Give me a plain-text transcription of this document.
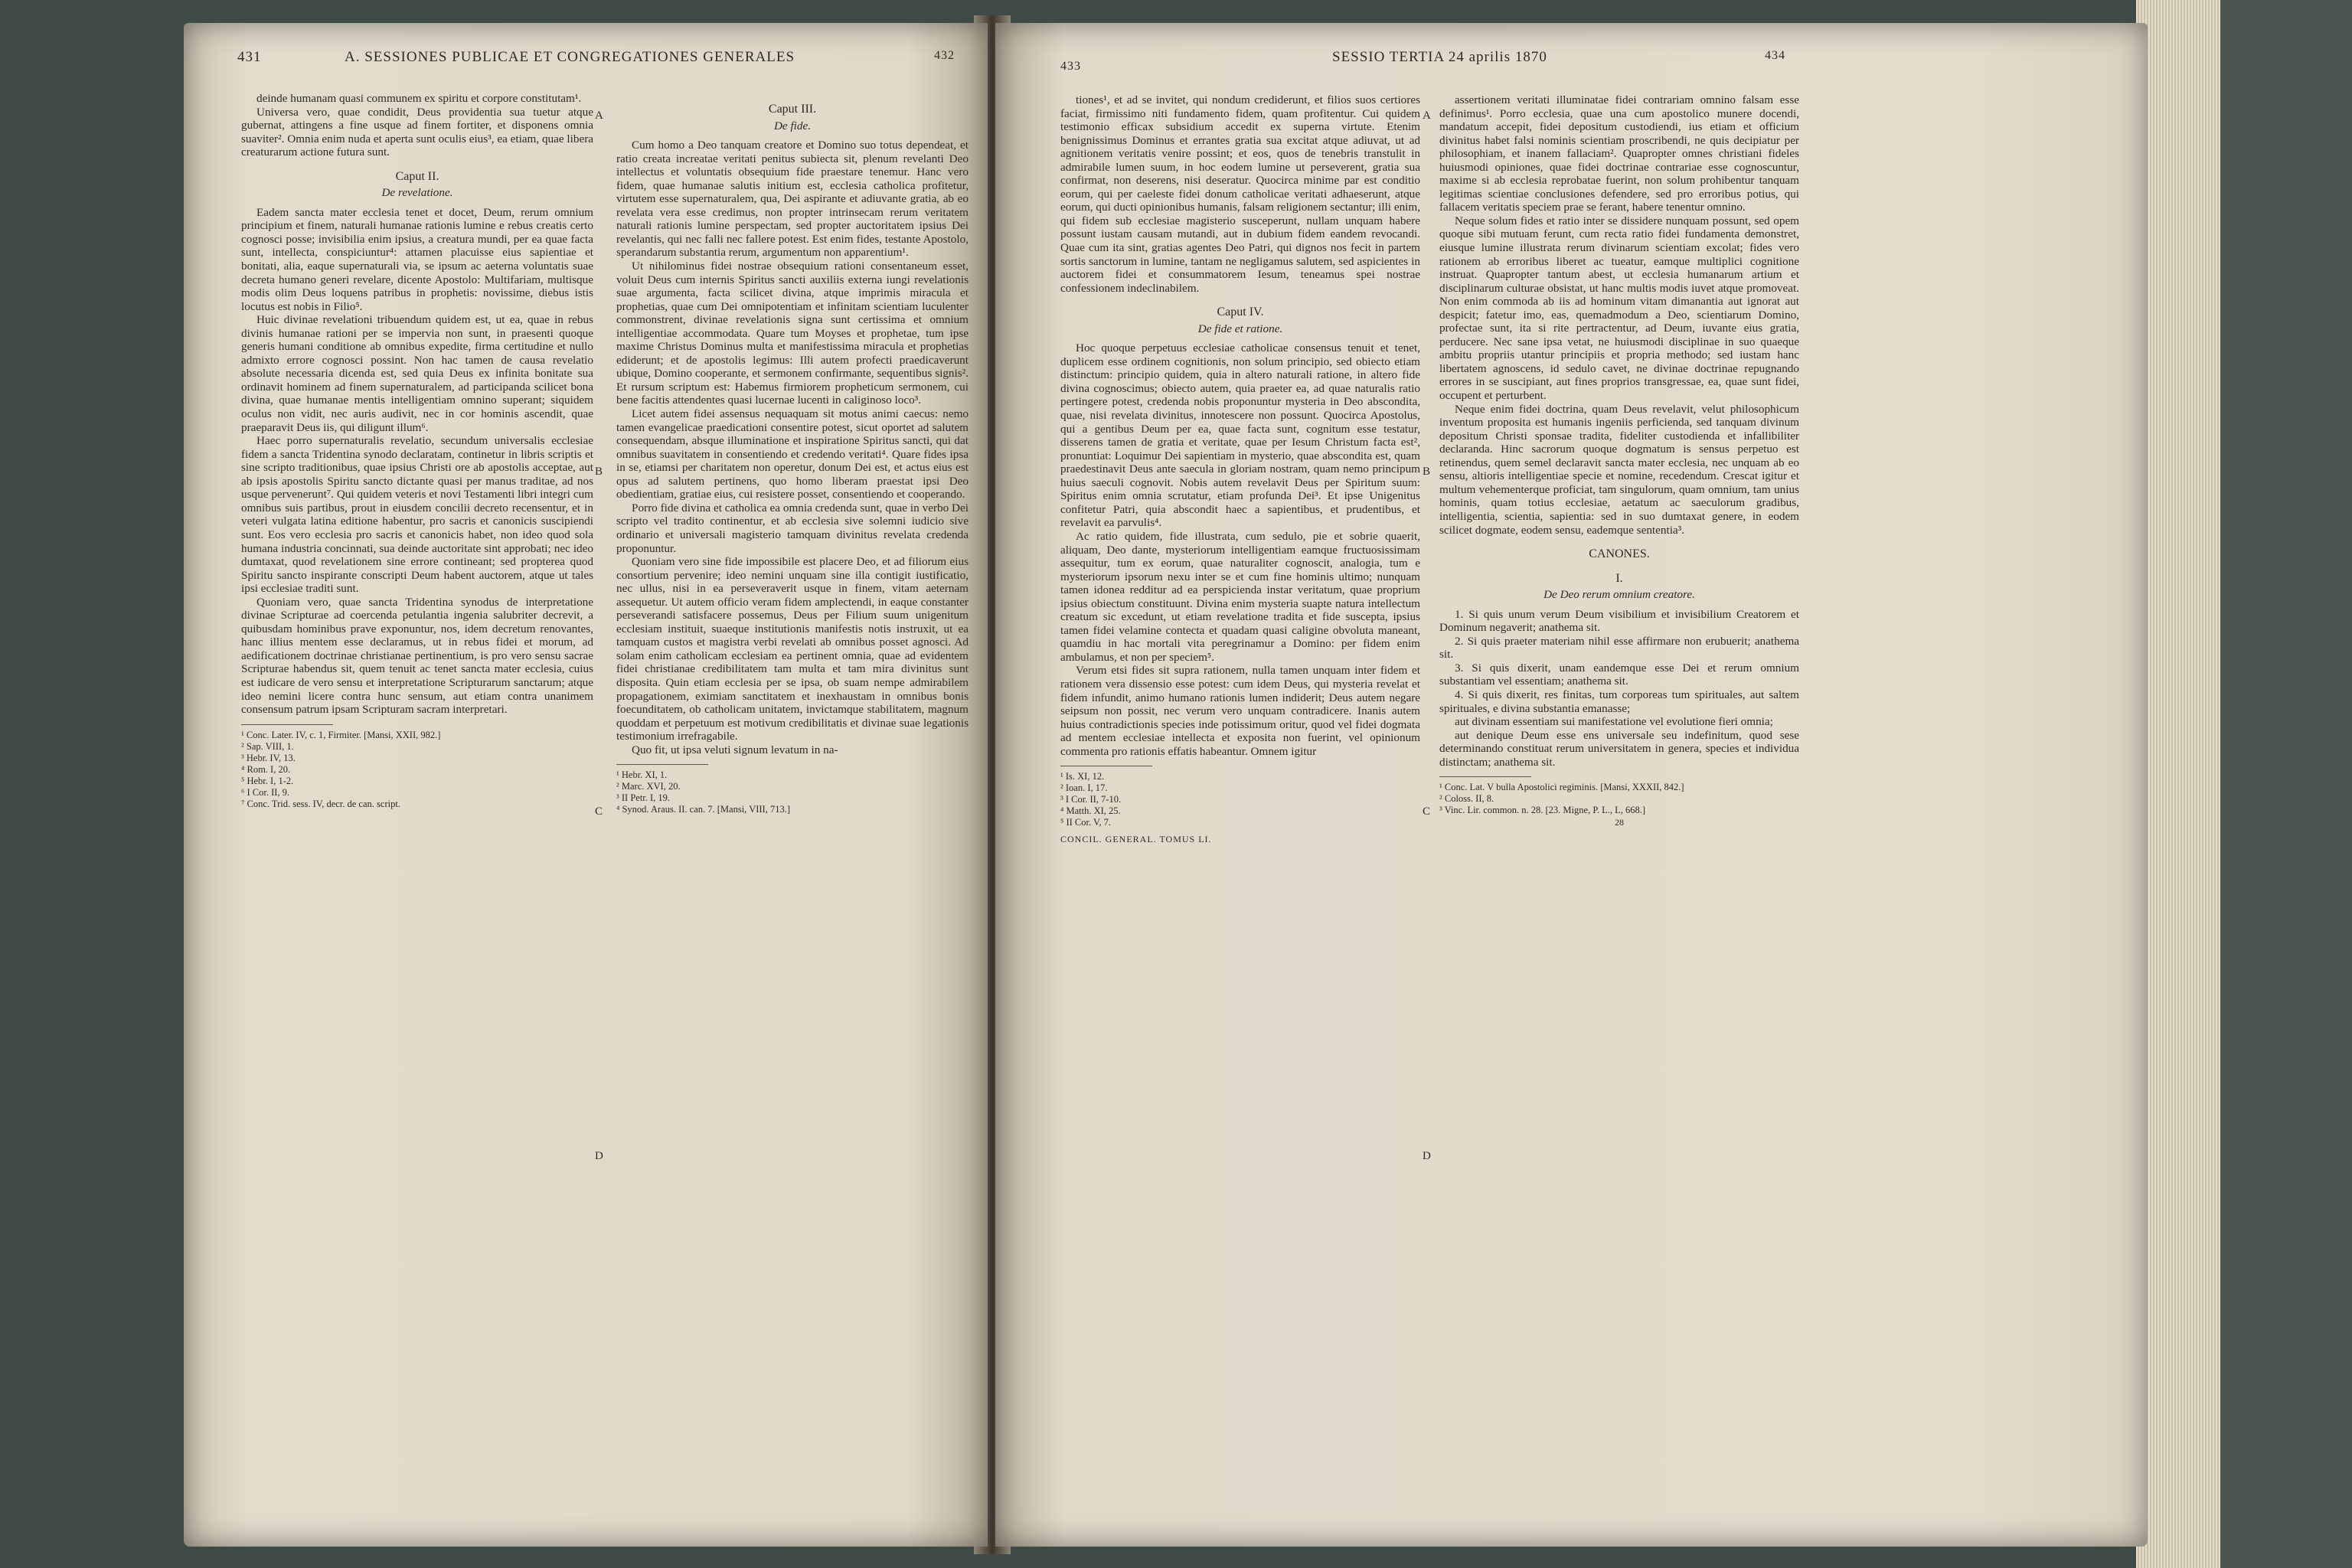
431	A. SESSIONES PUBLICAE ET CONGREGATIONES GENERALES	432

deinde humanam quasi communem ex spiritu et corpore constitutam¹.

Universa vero, quae condidit, Deus providentia sua tuetur atque gubernat, attingens a fine usque ad finem fortiter, et disponens omnia suaviter². Omnia enim nuda et aperta sunt oculis eius³, ea etiam, quae libera creaturarum actione futura sunt.

Caput II.

De revelatione.

Eadem sancta mater ecclesia tenet et docet, Deum, rerum omnium principium et finem, naturali humanae rationis lumine e rebus creatis certo cognosci posse; invisibilia enim ipsius, a creatura mundi, per ea quae facta sunt, intellecta, conspiciuntur⁴: attamen placuisse eius sapientiae et bonitati, alia, eaque supernaturali via, se ipsum ac aeterna voluntatis suae decreta humano generi revelare, dicente Apostolo: Multifariam, multisque modis olim Deus loquens patribus in prophetis: novissime, diebus istis locutus est nobis in Filio⁵.

Huic divinae revelationi tribuendum quidem est, ut ea, quae in rebus divinis humanae rationi per se impervia non sunt, in praesenti quoque generis humani conditione ab omnibus expedite, firma certitudine et nullo admixto errore cognosci possint. Non hac tamen de causa revelatio absolute necessaria dicenda est, sed quia Deus ex infinita bonitate sua ordinavit hominem ad finem supernaturalem, ad participanda scilicet bona divina, quae humanae mentis intelligentiam omnino superant; siquidem oculus non vidit, nec auris audivit, nec in cor hominis ascendit, quae praeparavit Deus iis, qui diligunt illum⁶.

Haec porro supernaturalis revelatio, secundum universalis ecclesiae fidem a sancta Tridentina synodo declaratam, continetur in libris scriptis et sine scripto traditionibus, quae ipsius Christi ore ab apostolis acceptae, aut ab ipsis apostolis Spiritu sancto dictante quasi per manus traditae, ad nos usque pervenerunt⁷. Qui quidem veteris et novi Testamenti libri integri cum omnibus suis partibus, prout in eiusdem concilii decreto recensentur, et in veteri vulgata latina editione habentur, pro sacris et canonicis suscipiendi sunt. Eos vero ecclesia pro sacris et canonicis habet, non ideo quod sola humana industria concinnati, sua deinde auctoritate sint approbati; nec ideo dumtaxat, quod revelationem sine errore contineant; sed propterea quod Spiritu sancto inspirante conscripti Deum habent auctorem, atque ut tales ipsi ecclesiae traditi sunt.

Quoniam vero, quae sancta Tridentina synodus de interpretatione divinae Scripturae ad coercenda petulantia ingenia salubriter decrevit, a quibusdam hominibus prave exponuntur, nos, idem decretum renovantes, hanc illius mentem esse declaramus, ut in rebus fidei et morum, ad aedificationem doctrinae christianae pertinentium, is pro vero sensu sacrae Scripturae habendus sit, quem tenuit ac tenet sancta mater ecclesia, cuius est iudicare de vero sensu et interpretatione Scripturarum sanctarum; atque ideo nemini licere contra hunc sensum, aut etiam contra unanimem consensum patrum ipsam Scripturam sacram interpretari.

¹ Conc. Later. IV, c. 1, Firmiter. [Mansi, XXII, 982.]

² Sap. VIII, 1.

³ Hebr. IV, 13.

⁴ Rom. I, 20.

⁵ Hebr. I, 1-2.

⁶ I Cor. II, 9.

⁷ Conc. Trid. sess. IV, decr. de can. script.

Caput III.

De fide.

Cum homo a Deo tanquam creatore et Domino suo totus dependeat, et ratio creata increatae veritati penitus subiecta sit, plenum revelanti Deo intellectus et voluntatis obsequium fide praestare tenemur. Hanc vero fidem, quae humanae salutis initium est, ecclesia catholica profitetur, virtutem esse supernaturalem, qua, Dei aspirante et adiuvante gratia, ab eo revelata vera esse credimus, non propter intrinsecam rerum veritatem naturali rationis lumine perspectam, sed propter auctoritatem ipsius Dei revelantis, qui nec falli nec fallere potest. Est enim fides, testante Apostolo, sperandarum substantia rerum, argumentum non apparentium¹.

Ut nihilominus fidei nostrae obsequium rationi consentaneum esset, voluit Deus cum internis Spiritus sancti auxiliis externa iungi revelationis suae argumenta, facta scilicet divina, atque imprimis miracula et prophetias, quae cum Dei omnipotentiam et infinitam scientiam luculenter commonstrent, divinae revelationis signa sunt certissima et omnium intelligentiae accommodata. Quare tum Moyses et prophetae, tum ipse maxime Christus Dominus multa et manifestissima miracula et prophetias ediderunt; et de apostolis legimus: Illi autem profecti praedicaverunt ubique, Domino cooperante, et sermonem confirmante, sequentibus signis². Et rursum scriptum est: Habemus firmiorem propheticum sermonem, cui bene facitis attendentes quasi lucernae lucenti in caliginoso loco³.

Licet autem fidei assensus nequaquam sit motus animi caecus: nemo tamen evangelicae praedicationi consentire potest, sicut oportet ad salutem consequendam, absque illuminatione et inspiratione Spiritus sancti, qui dat omnibus suavitatem in consentiendo et credendo veritati⁴. Quare fides ipsa in se, etiamsi per charitatem non operetur, donum Dei est, et actus eius est opus ad salutem pertinens, quo homo liberam praestat ipsi Deo obedientiam, gratiae eius, cui resistere posset, consentiendo et cooperando.

Porro fide divina et catholica ea omnia credenda sunt, quae in verbo Dei scripto vel tradito continentur, et ab ecclesia sive solemni iudicio sive ordinario et universali magisterio tamquam divinitus revelata credenda proponuntur.

Quoniam vero sine fide impossibile est placere Deo, et ad filiorum eius consortium pervenire; ideo nemini unquam sine illa contigit iustificatio, nec ullus, nisi in ea perseveraverit usque in finem, vitam aeternam assequetur. Ut autem officio veram fidem amplectendi, in eaque constanter perseverandi satisfacere possemus, Deus per Filium suum unigenitum ecclesiam instituit, suaeque institutionis manifestis notis instruxit, ut ea tamquam custos et magistra verbi revelati ab omnibus posset agnosci. Ad solam enim catholicam ecclesiam ea pertinent omnia, quae ad evidentem fidei christianae credibilitatem tam multa et tam mira divinitus sunt disposita. Quin etiam ecclesia per se ipsa, ob suam nempe admirabilem propagationem, eximiam sanctitatem et inexhaustam in omnibus bonis foecunditatem, ob catholicam unitatem, invictamque stabilitatem, magnum quoddam et perpetuum est motivum credibilitatis et divinae suae legationis testimonium irrefragabile.

Quo fit, ut ipsa veluti signum levatum in na-

¹ Hebr. XI, 1.

² Marc. XVI, 20.

³ II Petr. I, 19.

⁴ Synod. Araus. II. can. 7. [Mansi, VIII, 713.]

A
B
C
D
433
SESSIO TERTIA 24 aprilis 1870	434

tiones¹, et ad se invitet, qui nondum crediderunt, et filios suos certiores faciat, firmissimo niti fundamento fidem, quam profitentur. Cui quidem testimonio efficax subsidium accedit ex superna virtute. Etenim benignissimus Dominus et errantes gratia sua excitat atque adiuvat, ut ad agnitionem veritatis venire possint; et eos, quos de tenebris transtulit in admirabile lumen suum, in hoc eodem lumine ut perseverent, gratia sua confirmat, non deserens, nisi deseratur. Quocirca minime par est conditio eorum, qui per caeleste fidei donum catholicae veritati adhaeserunt, atque eorum, qui ducti opinionibus humanis, falsam religionem sectantur; illi enim, qui fidem sub ecclesiae magisterio susceperunt, nullam unquam habere possunt iustam causam mutandi, aut in dubium fidem eandem revocandi. Quae cum ita sint, gratias agentes Deo Patri, qui dignos nos fecit in partem sortis sanctorum in lumine, tantam ne negligamus salutem, sed aspicientes in auctorem fidei et consummatorem Iesum, teneamus spei nostrae confessionem indeclinabilem.

Caput IV.

De fide et ratione.

Hoc quoque perpetuus ecclesiae catholicae consensus tenuit et tenet, duplicem esse ordinem cognitionis, non solum principio, sed obiecto etiam distinctum: principio quidem, quia in altero naturali ratione, in altero fide divina cognoscimus; obiecto autem, quia praeter ea, ad quae naturalis ratio pertingere potest, credenda nobis proponuntur mysteria in Deo abscondita, quae, nisi revelata divinitus, innotescere non possunt. Quocirca Apostolus, qui a gentibus Deum per ea, quae facta sunt, cognitum esse testatur, disserens tamen de gratia et veritate, quae per Iesum Christum facta est², pronuntiat: Loquimur Dei sapientiam in mysterio, quae abscondita est, quam praedestinavit Deus ante saecula in gloriam nostram, quam nemo principum huius saeculi cognovit. Nobis autem revelavit Deus per Spiritum suum: Spiritus enim omnia scrutatur, etiam profunda Dei³. Et ipse Unigenitus confitetur Patri, quia abscondit haec a sapientibus, et prudentibus, et revelavit ea parvulis⁴.

Ac ratio quidem, fide illustrata, cum sedulo, pie et sobrie quaerit, aliquam, Deo dante, mysteriorum intelligentiam eamque fructuosissimam assequitur, tum ex eorum, quae naturaliter cognoscit, analogia, tum e mysteriorum ipsorum nexu inter se et cum fine hominis ultimo; nunquam tamen idonea redditur ad ea perspicienda instar veritatum, quae proprium ipsius obiectum constituunt. Divina enim mysteria suapte natura intellectum creatum sic excedunt, ut etiam revelatione tradita et fide suscepta, ipsius tamen fidei velamine contecta et quadam quasi caligine obvoluta maneant, quamdiu in hac mortali vita peregrinamur a Domino: per fidem enim ambulamus, et non per speciem⁵.

Verum etsi fides sit supra rationem, nulla tamen unquam inter fidem et rationem vera dissensio esse potest: cum idem Deus, qui mysteria revelat et fidem infundit, animo humano rationis lumen indiderit; Deus autem negare seipsum non possit, nec verum vero unquam contradicere. Inanis autem huius contradictionis species inde potissimum oritur, quod vel fidei dogmata ad mentem ecclesiae intellecta et exposita non fuerint, vel opinionum commenta pro rationis effatis habeantur. Omnem igitur

¹ Is. XI, 12.

² Ioan. I, 17.

³ I Cor. II, 7-10.

⁴ Matth. XI, 25.

⁵ II Cor. V, 7.

CONCIL. GENERAL. TOMUS LI.

assertionem veritati illuminatae fidei contrariam omnino falsam esse definimus¹. Porro ecclesia, quae una cum apostolico munere docendi, mandatum accepit, fidei depositum custodiendi, ius etiam et officium divinitus habet falsi nominis scientiam proscribendi, ne quis decipiatur per philosophiam, et inanem fallaciam². Quapropter omnes christiani fideles huiusmodi opiniones, quae fidei doctrinae contrariae esse cognoscuntur, maxime si ab ecclesia reprobatae fuerint, non solum prohibentur tanquam legitimas scientiae conclusiones defendere, sed pro erroribus potius, qui fallacem veritatis speciem prae se ferant, habere tenentur omnino.

Neque solum fides et ratio inter se dissidere nunquam possunt, sed opem quoque sibi mutuam ferunt, cum recta ratio fidei fundamenta demonstret, eiusque lumine illustrata rerum divinarum scientiam excolat; fides vero rationem ab erroribus liberet ac tueatur, eamque multiplici cognitione instruat. Quapropter tantum abest, ut ecclesia humanarum artium et disciplinarum culturae obsistat, ut hanc multis modis iuvet atque promoveat. Non enim commoda ab iis ad hominum vitam dimanantia aut ignorat aut despicit; fatetur imo, eas, quemadmodum a Deo, scientiarum Domino, profectae sunt, ita si rite pertractentur, ad Deum, iuvante eius gratia, perducere. Nec sane ipsa vetat, ne huiusmodi disciplinae in suo quaeque ambitu propriis utantur principiis et propria methodo; sed iustam hanc libertatem agnoscens, id sedulo cavet, ne divinae doctrinae repugnando errores in se suscipiant, aut fines proprios transgressae, ea, quae sunt fidei, occupent et perturbent.

Neque enim fidei doctrina, quam Deus revelavit, velut philosophicum inventum proposita est humanis ingeniis perficienda, sed tanquam divinum depositum Christi sponsae tradita, fideliter custodienda et infallibiliter declaranda. Hinc sacrorum quoque dogmatum is sensus perpetuo est retinendus, quem semel declaravit sancta mater ecclesia, nec unquam ab eo sensu, altioris intelligentiae specie et nomine, recedendum. Crescat igitur et multum vehementerque proficiat, tam singulorum, quam omnium, tam unius hominis, quam totius ecclesiae, aetatum ac saeculorum gradibus, intelligentia, scientia, sapientia: sed in suo dumtaxat genere, in eodem scilicet dogmate, eodem sensu, eademque sententia³.

CANONES.

I.

De Deo rerum omnium creatore.

1. Si quis unum verum Deum visibilium et invisibilium Creatorem et Dominum negaverit; anathema sit.

2. Si quis praeter materiam nihil esse affirmare non erubuerit; anathema sit.

3. Si quis dixerit, unam eandemque esse Dei et rerum omnium substantiam vel essentiam; anathema sit.

4. Si quis dixerit, res finitas, tum corporeas tum spirituales, aut saltem spirituales, e divina substantia emanasse;

aut divinam essentiam sui manifestatione vel evolutione fieri omnia;

aut denique Deum esse ens universale seu indefinitum, quod sese determinando constituat rerum universitatem in genera, species et individua distinctam; anathema sit.

¹ Conc. Lat. V bulla Apostolici regiminis. [Mansi, XXXII, 842.]

² Coloss. II, 8.

³ Vinc. Lir. common. n. 28. [23. Migne, P. L., L, 668.]

28

A
B
C
D
